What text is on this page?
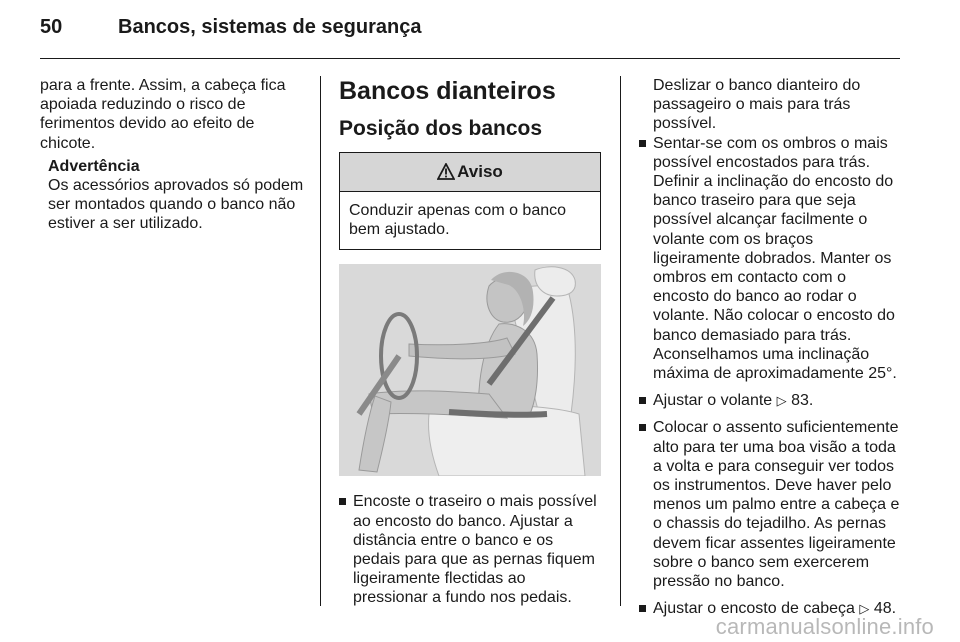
50	Bancos, sistemas de segurança

para a frente. Assim, a cabeça fica apoiada reduzindo o risco de ferimentos devido ao efeito de chicote.

Advertência
Os acessórios aprovados só podem ser montados quando o banco não estiver a ser utilizado.
Bancos dianteiros
Posição dos bancos
Aviso
Conduzir apenas com o banco bem ajustado.
Encoste o traseiro o mais possível ao encosto do banco. Ajustar a distância entre o banco e os pedais para que as pernas fiquem ligeiramente flectidas ao pressionar a fundo nos pedais.

Deslizar o banco dianteiro do passageiro o mais para trás possível.

Sentar-se com os ombros o mais possível encostados para trás. Definir a inclinação do encosto do banco traseiro para que seja possível alcançar facilmente o volante com os braços ligeiramente dobrados. Manter os ombros em contacto com o encosto do banco ao rodar o volante. Não colocar o encosto do banco demasiado para trás. Aconselhamos uma inclinação máxima de aproximadamente 25°.
Ajustar o volante ▷ 83.
Colocar o assento suficientemente alto para ter uma boa visão a toda a volta e para conseguir ver todos os instrumentos. Deve haver pelo menos um palmo entre a cabeça e o chassis do tejadilho. As pernas devem ficar assentes ligeiramente sobre o banco sem exercerem pressão no banco.
Ajustar o encosto de cabeça ▷ 48.
carmanualsonline.info
